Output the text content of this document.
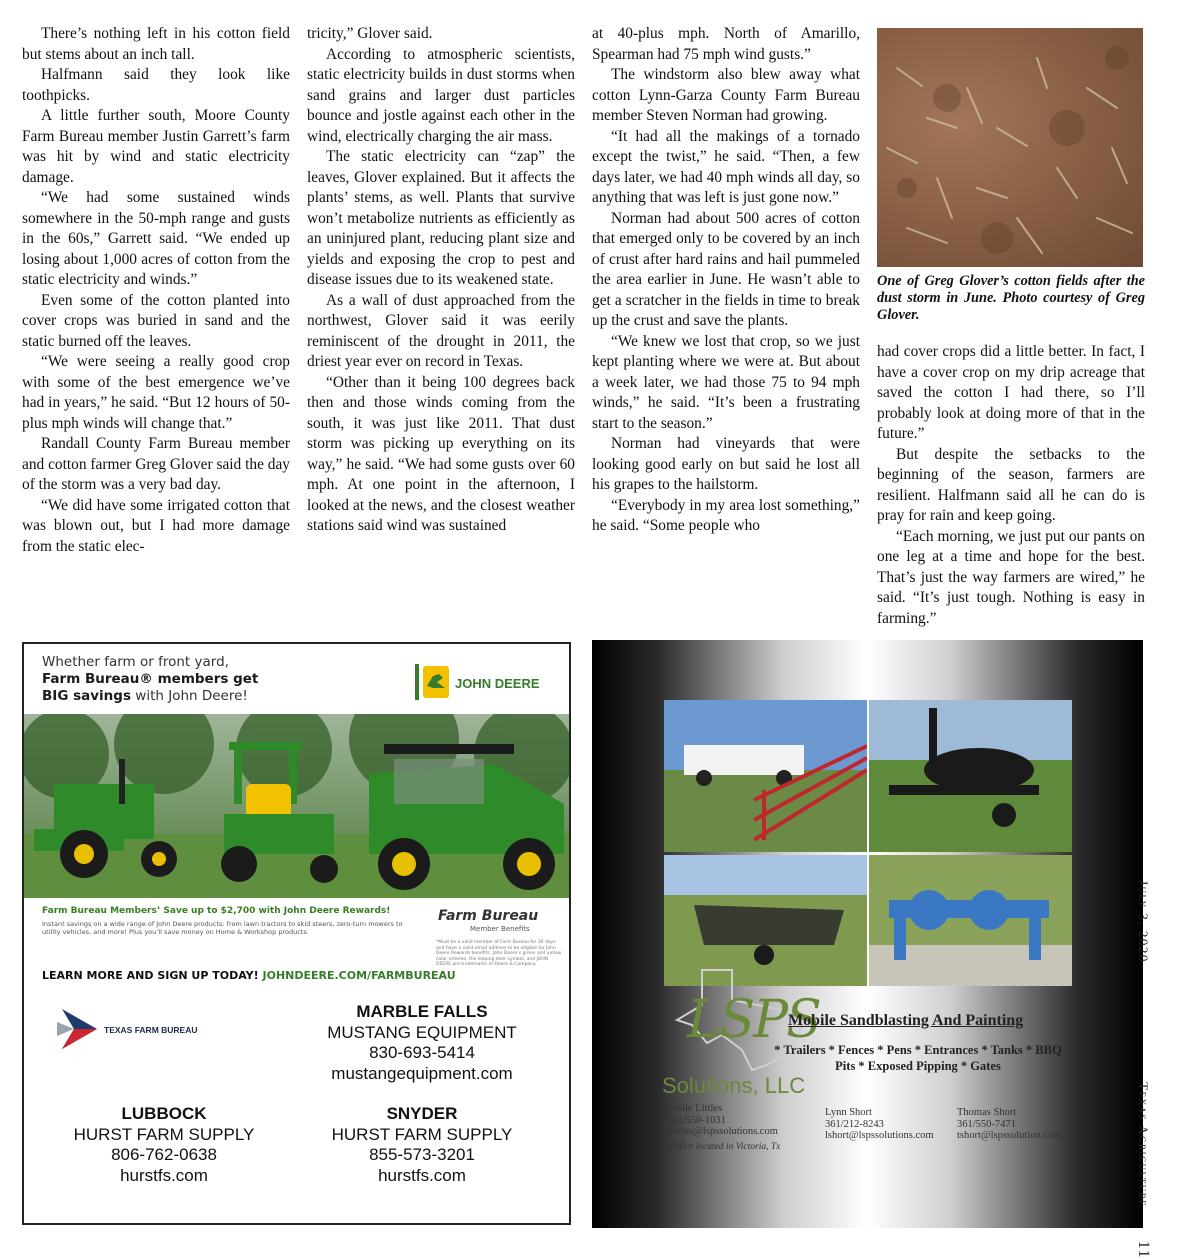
There’s nothing left in his cotton field but stems about an inch tall.

Halfmann said they look like toothpicks.

A little further south, Moore County Farm Bureau member Justin Garrett’s farm was hit by wind and static electricity damage.

“We had some sustained winds somewhere in the 50-mph range and gusts in the 60s,” Garrett said. “We ended up losing about 1,000 acres of cotton from the static electricity and winds.”

Even some of the cotton planted into cover crops was buried in sand and the static burned off the leaves.

“We were seeing a really good crop with some of the best emergence we’ve had in years,” he said. “But 12 hours of 50-plus mph winds will change that.”

Randall County Farm Bureau member and cotton farmer Greg Glover said the day of the storm was a very bad day.

“We did have some irrigated cotton that was blown out, but I had more damage from the static elec-

tricity,” Glover said.

According to atmospheric scientists, static electricity builds in dust storms when sand grains and larger dust particles bounce and jostle against each other in the wind, electrically charging the air mass.

The static electricity can “zap” the leaves, Glover explained. But it affects the plants’ stems, as well. Plants that survive won’t metabolize nutrients as efficiently as an uninjured plant, reducing plant size and yields and exposing the crop to pest and disease issues due to its weakened state.

As a wall of dust approached from the northwest, Glover said it was eerily reminiscent of the drought in 2011, the driest year ever on record in Texas.

“Other than it being 100 degrees back then and those winds coming from the south, it was just like 2011. That dust storm was picking up everything on its way,” he said. “We had some gusts over 60 mph. At one point in the afternoon, I looked at the news, and the closest weather stations said wind was sustained

at 40-plus mph. North of Amarillo, Spearman had 75 mph wind gusts.”

The windstorm also blew away what cotton Lynn-Garza County Farm Bureau member Steven Norman had growing.

“It had all the makings of a tornado except the twist,” he said. “Then, a few days later, we had 40 mph winds all day, so anything that was left is just gone now.”

Norman had about 500 acres of cotton that emerged only to be covered by an inch of crust after hard rains and hail pummeled the area earlier in June. He wasn’t able to get a scratcher in the fields in time to break up the crust and save the plants.

“We knew we lost that crop, so we just kept planting where we were at. But about a week later, we had those 75 to 94 mph winds,” he said. “It’s been a frustrating start to the season.”

Norman had vineyards that were looking good early on but said he lost all his grapes to the hailstorm.

“Everybody in my area lost something,” he said. “Some people who

One of Greg Glover’s cotton fields after the dust storm in June. Photo courtesy of Greg Glover.

had cover crops did a little better. In fact, I have a cover crop on my drip acreage that saved the cotton I had there, so I’ll probably look at doing more of that in the future.”

But despite the setbacks to the beginning of the season, farmers are resilient. Halfmann said all he can do is pray for rain and keep going.

“Each morning, we just put our pants on one leg at a time and hope for the best. That’s just the way farmers are wired,” he said. “It’s just tough. Nothing is easy in farming.”

Whether farm or front yard,
Farm Bureau® members get
BIG savings with John Deere!
JOHN DEERE
Farm Bureau Members’ Save up to $2,700 with John Deere Rewards!
Instant savings on a wide range of John Deere products: from lawn tractors to skid steers, zero-turn mowers to utility vehicles, and more! Plus you’ll save money on Home & Workshop products.
Farm Bureau
Member Benefits
*Must be a valid member of Farm Bureau for 30 days and have a valid email address to be eligible for John Deere Rewards benefits. John Deere’s green and yellow color scheme, the leaping deer symbol, and JOHN DEERE are trademarks of Deere & Company.
LEARN MORE AND SIGN UP TODAY! JOHNDEERE.COM/FARMBUREAU
TEXAS FARM BUREAU
MARBLE FALLS
MUSTANG EQUIPMENT
830-693-5414
mustangequipment.com
LUBBOCK
HURST FARM SUPPLY
806-762-0638
hurstfs.com
SNYDER
HURST FARM SUPPLY
855-573-3201
hurstfs.com
LSPS
Solutions, LLC
Mobile Sandblasting And Painting
* Trailers * Fences * Pens * Entrances * Tanks * BBQ
Pits * Exposed Pipping * Gates
Leslie Littles
361/550-1031
llittles@lspssolutions.com
Lynn Short
361/212-8243
lshort@lspssolutions.com
Thomas Short
361/550-7471
tshort@lspssolution.com
Office located in Victoria, Tx
July 3, 2020  Texas Agriculture  11
